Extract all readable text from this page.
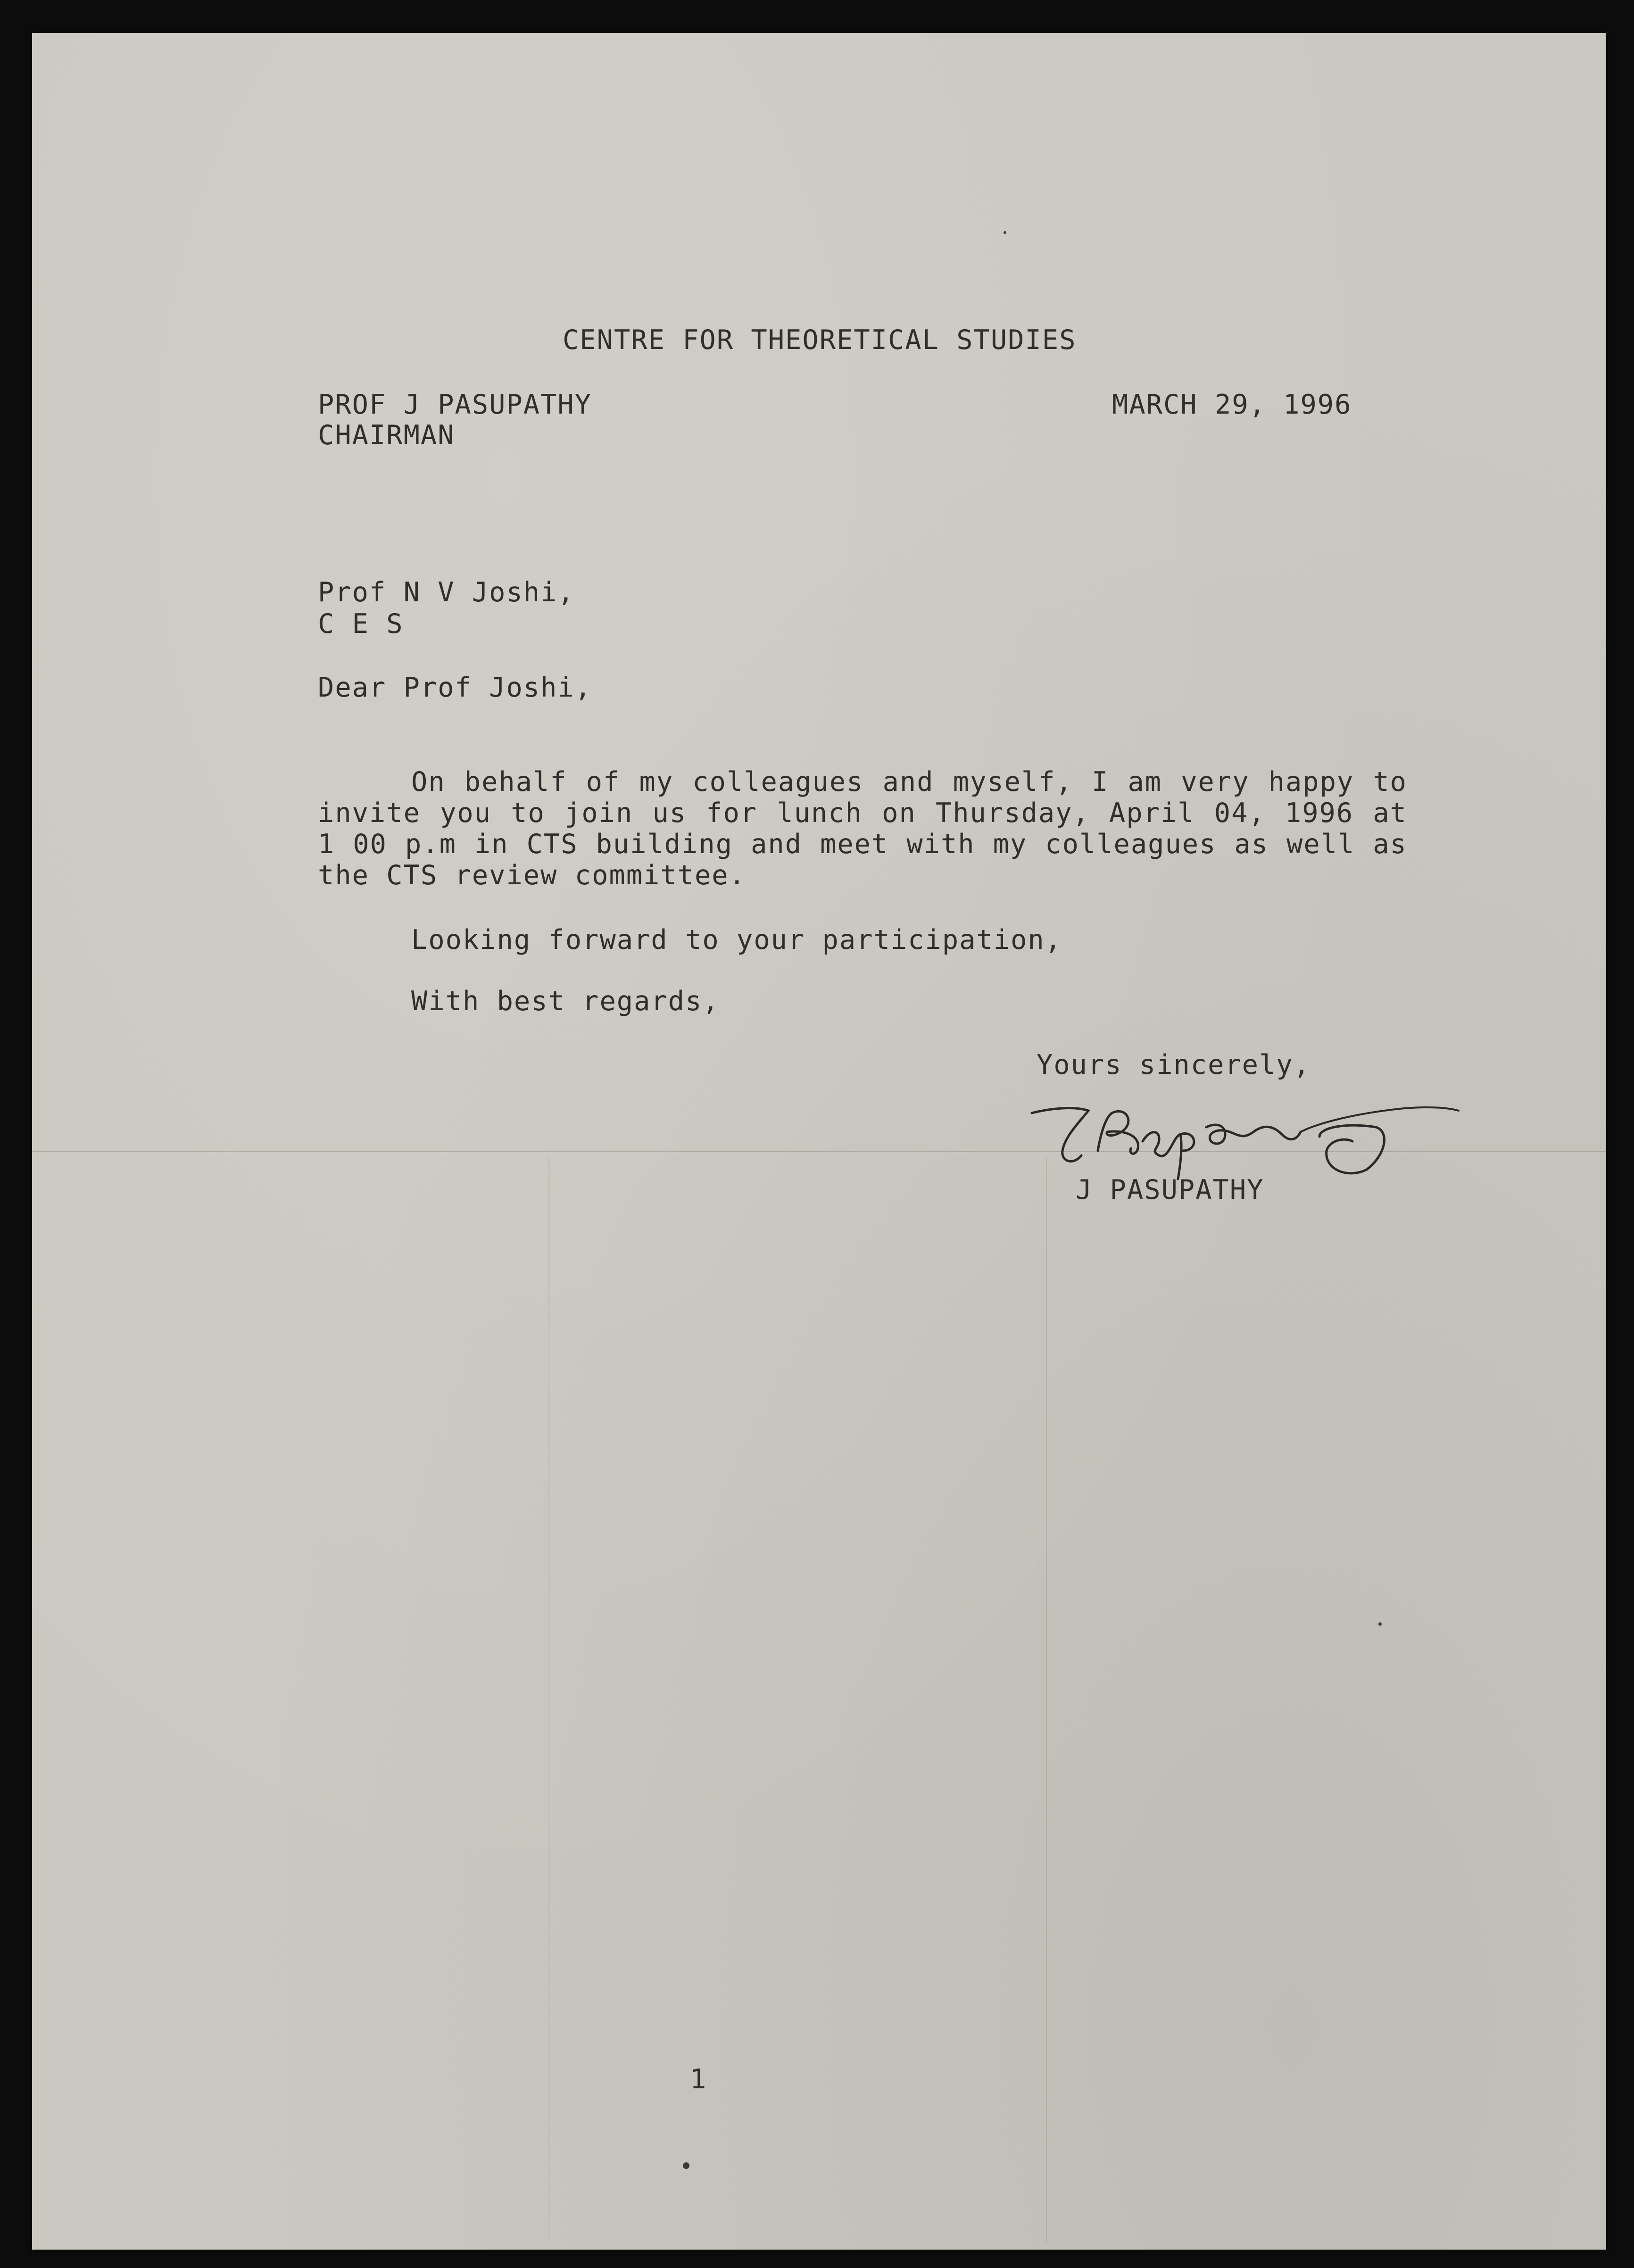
CENTRE FOR THEORETICAL STUDIES
PROF J PASUPATHY
CHAIRMAN
MARCH 29, 1996
Prof N V Joshi,
C E S
Dear Prof Joshi,
On behalf of my colleagues and myself, I am very happy to invite you to join us for lunch on Thursday, April 04, 1996 at 1 00 p.m in CTS building and meet with my colleagues as well as the CTS review committee.
Looking forward to your participation,
With best regards,
Yours sincerely,
J PASUPATHY
1
